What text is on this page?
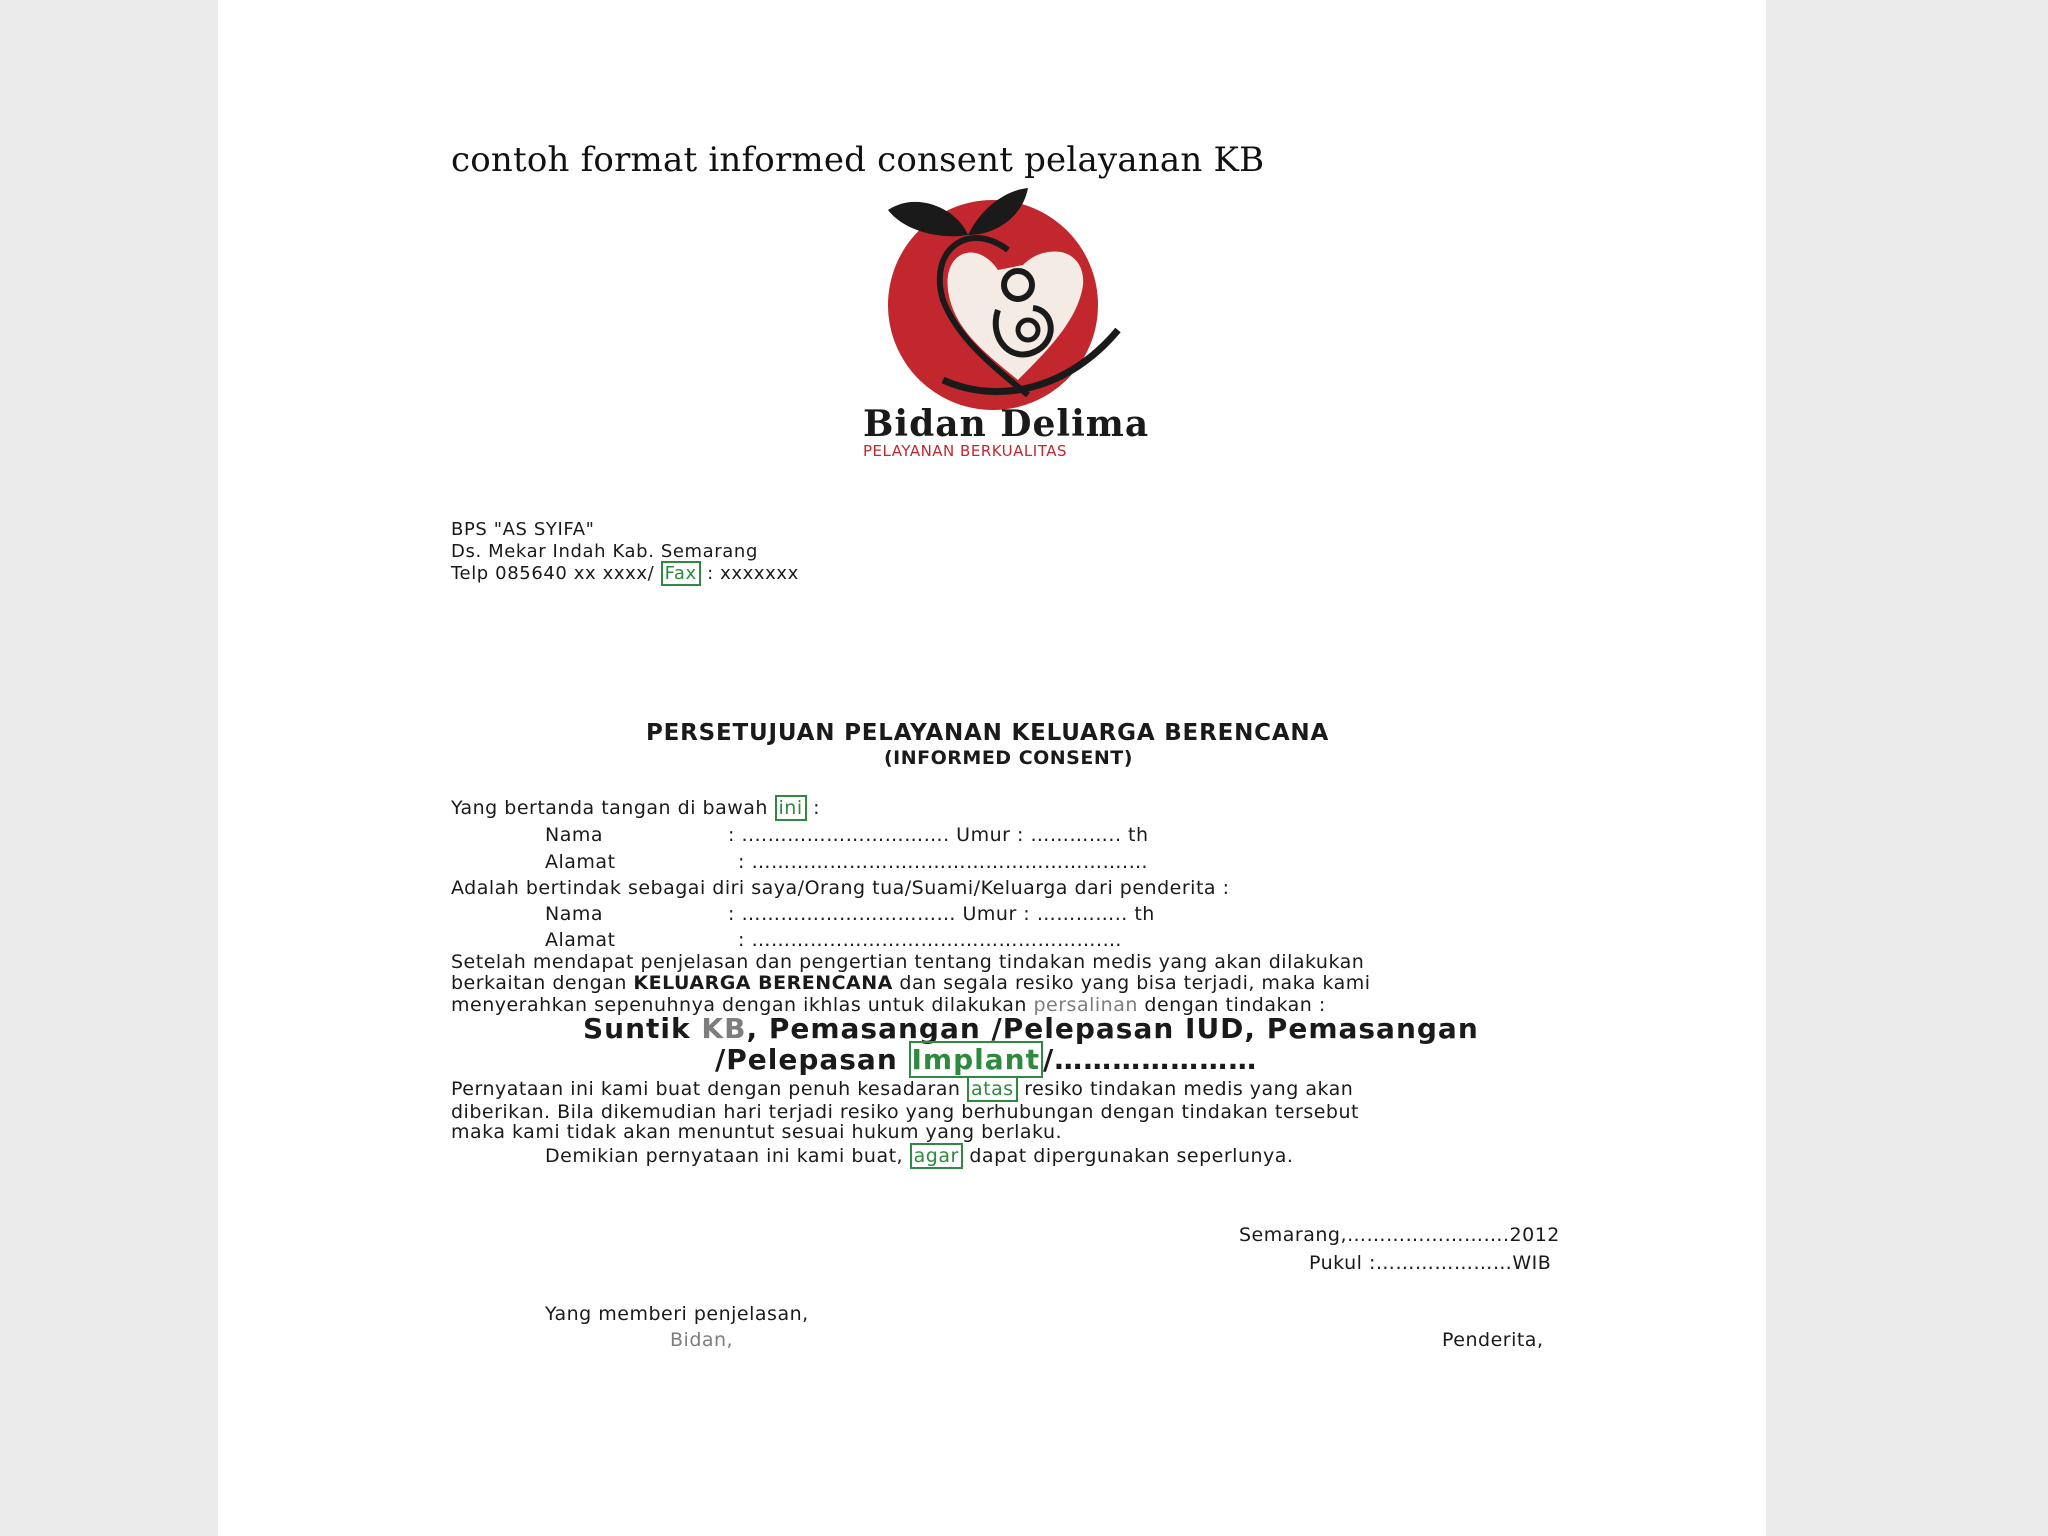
contoh format informed consent pelayanan KB
Bidan Delima
PELAYANAN BERKUALITAS
BPS "AS SYIFA"
Ds. Mekar Indah Kab. Semarang
Telp 085640 xx xxxx/ Fax : xxxxxxx
PERSETUJUAN PELAYANAN KELUARGA BERENCANA
(INFORMED CONSENT)
Yang bertanda tangan di bawah ini :
Nama	: ....………………………. Umur : ………….. th
Alamat	: ………………….…..………………………….…
Adalah bertindak sebagai diri saya/Orang tua/Suami/Keluarga dari penderita :
Nama	: …………………………… Umur : ………….. th
Alamat	: …………..………………………………….…
Setelah mendapat penjelasan dan pengertian tentang tindakan medis yang akan dilakukan
berkaitan dengan KELUARGA BERENCANA dan segala resiko yang bisa terjadi, maka kami
menyerahkan sepenuhnya dengan ikhlas untuk dilakukan persalinan dengan tindakan :
Suntik KB, Pemasangan /Pelepasan IUD, Pemasangan
/Pelepasan Implant /…………………
Pernyataan ini kami buat dengan penuh kesadaran atas resiko tindakan medis yang akan
diberikan. Bila dikemudian hari terjadi resiko yang berhubungan dengan tindakan tersebut
maka kami tidak akan menuntut sesuai hukum yang berlaku.
Demikian pernyataan ini kami buat, agar dapat dipergunakan seperlunya.
Semarang,…………………….2012
Pukul :…………………WIB
Yang memberi penjelasan,
Bidan,	Penderita,
